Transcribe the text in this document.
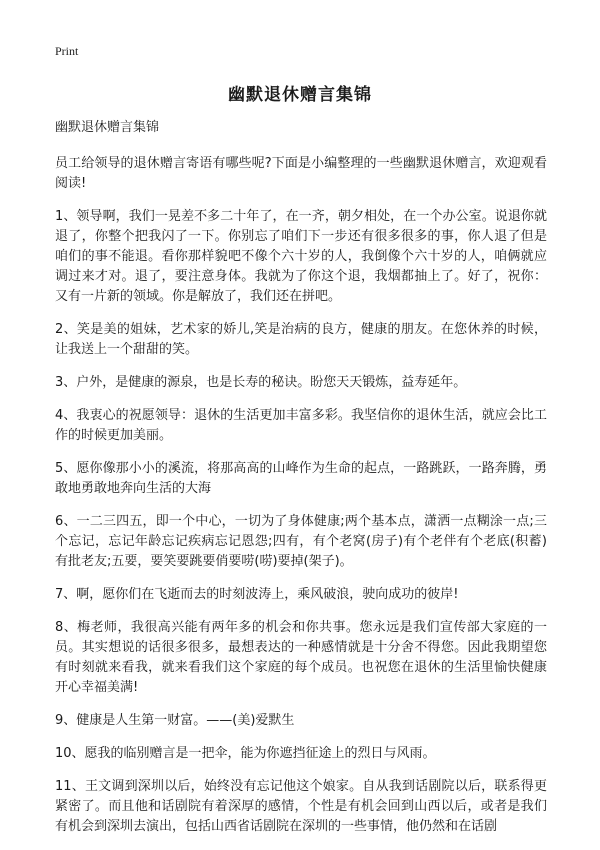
Print
幽默退休赠言集锦

幽默退休赠言集锦

员工给领导的退休赠言寄语有哪些呢?下面是小编整理的一些幽默退休赠言，欢迎观看阅读!

1、领导啊，我们一晃差不多二十年了，在一齐，朝夕相处，在一个办公室。说退你就退了，你整个把我闪了一下。你别忘了咱们下一步还有很多很多的事，你人退了但是咱们的事不能退。看你那样貌吧不像个六十岁的人，我倒像个六十岁的人，咱俩就应调过来才对。退了，要注意身体。我就为了你这个退，我烟都抽上了。好了，祝你：又有一片新的领域。你是解放了，我们还在拼吧。

2、笑是美的姐妹，艺术家的娇儿,笑是治病的良方，健康的朋友。在您休养的时候，让我送上一个甜甜的笑。

3、户外，是健康的源泉，也是长寿的秘诀。盼您天天锻炼，益寿延年。

4、我衷心的祝愿领导：退休的生活更加丰富多彩。我坚信你的退休生活，就应会比工作的时候更加美丽。

5、愿你像那小小的溪流，将那高高的山峰作为生命的起点，一路跳跃，一路奔腾，勇敢地勇敢地奔向生活的大海

6、一二三四五，即一个中心，一切为了身体健康;两个基本点，潇洒一点糊涂一点;三个忘记，忘记年龄忘记疾病忘记恩怨;四有，有个老窝(房子)有个老伴有个老底(积蓄)有批老友;五要，要笑要跳要俏要唠(唠)要掉(架子)。

7、啊，愿你们在飞逝而去的时刻波涛上，乘风破浪，驶向成功的彼岸!

8、梅老师，我很高兴能有两年多的机会和你共事。您永远是我们宣传部大家庭的一员。其实想说的话很多很多，最想表达的一种感情就是十分舍不得您。因此我期望您有时刻就来看我，就来看我们这个家庭的每个成员。也祝您在退休的生活里愉快健康开心幸福美满!

9、健康是人生第一财富。——(美)爱默生

10、愿我的临别赠言是一把伞，能为你遮挡征途上的烈日与风雨。

11、王文调到深圳以后，始终没有忘记他这个娘家。自从我到话剧院以后，联系得更紧密了。而且他和话剧院有着深厚的感情，个性是有机会回到山西以后，或者是我们有机会到深圳去演出，包括山西省话剧院在深圳的一些事情，他仍然和在话剧
